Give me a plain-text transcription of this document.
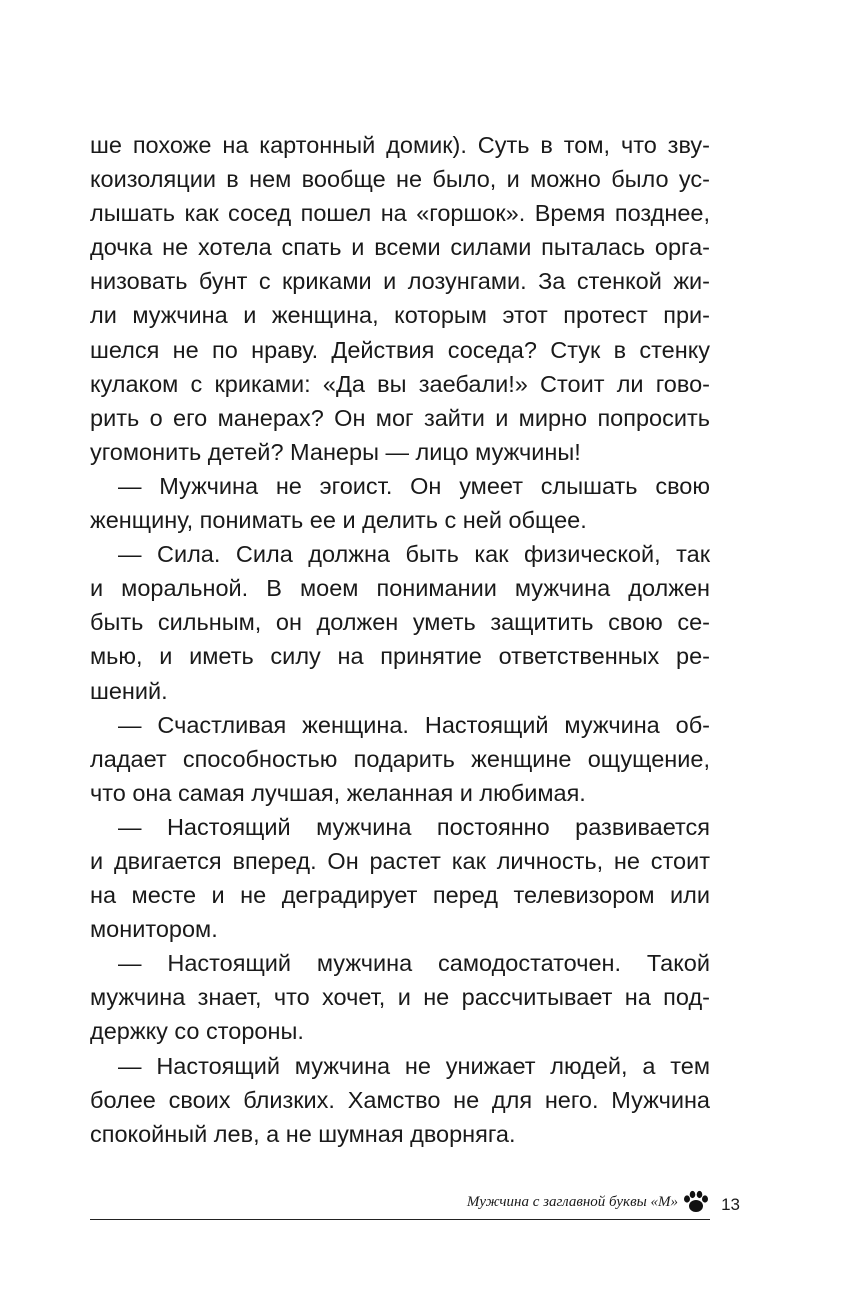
ше похоже на картонный домик). Суть в том, что зву-
коизоляции в нем вообще не было, и можно было ус-
лышать как сосед пошел на «горшок». Время позднее,
дочка не хотела спать и всеми силами пыталась орга-
низовать бунт с криками и лозунгами. За стенкой жи-
ли мужчина и женщина, которым этот протест при-
шелся не по нраву. Действия соседа? Стук в стенку
кулаком с криками: «Да вы заебали!» Стоит ли гово-
рить о его манерах? Он мог зайти и мирно попросить
угомонить детей? Манеры — лицо мужчины!
— Мужчина не эгоист. Он умеет слышать свою
женщину, понимать ее и делить с ней общее.
— Сила. Сила должна быть как физической, так
и моральной. В моем понимании мужчина должен
быть сильным, он должен уметь защитить свою се-
мью, и иметь силу на принятие ответственных ре-
шений.
— Счастливая женщина. Настоящий мужчина об-
ладает способностью подарить женщине ощущение,
что она самая лучшая, желанная и любимая.
— Настоящий мужчина постоянно развивается
и двигается вперед. Он растет как личность, не стоит
на месте и не деградирует перед телевизором или
монитором.
— Настоящий мужчина самодостаточен. Такой
мужчина знает, что хочет, и не рассчитывает на под-
держку со стороны.
— Настоящий мужчина не унижает людей, а тем
более своих близких. Хамство не для него. Мужчина
спокойный лев, а не шумная дворняга.
Мужчина с заглавной буквы «М»	13
